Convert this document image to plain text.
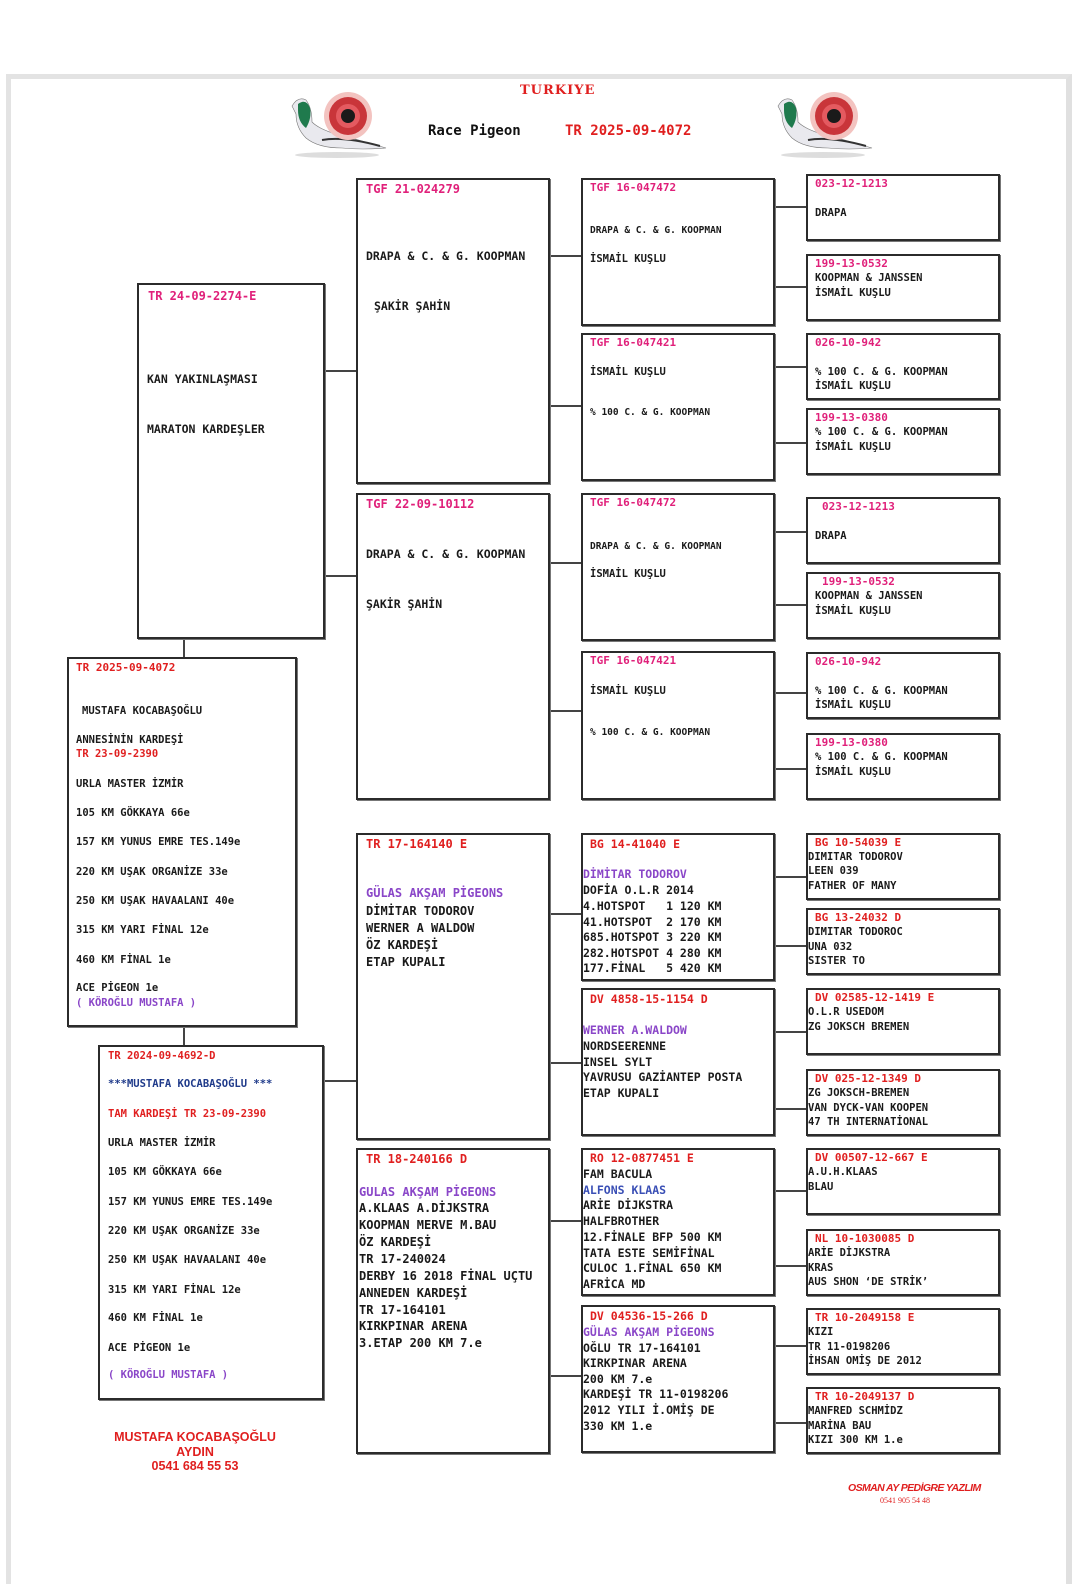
TURKIYE
Race Pigeon	TR 2025-09-4072
TR 24-09-2274-E
KAN YAKINLAŞMASI
MARATON KARDEŞLER
TR 2025-09-4072
MUSTAFA KOCABAŞOĞLU
ANNESİNİN KARDEŞİ
TR 23-09-2390
URLA MASTER İZMİR
105 KM GÖKKAYA 66e
157 KM YUNUS EMRE TES.149e
220 KM UŞAK ORGANİZE 33e
250 KM UŞAK HAVAALANI 40e
315 KM YARI FİNAL 12e
460 KM FİNAL 1e
ACE PİGEON 1e
( KÖROĞLU MUSTAFA )
TR 2024-09-4692-D
***MUSTAFA KOCABAŞOĞLU ***
TAM KARDEŞİ TR 23-09-2390
URLA MASTER İZMİR
105 KM GÖKKAYA 66e
157 KM YUNUS EMRE TES.149e
220 KM UŞAK ORGANİZE 33e
250 KM UŞAK HAVAALANI 40e
315 KM YARI FİNAL 12e
460 KM FİNAL 1e
ACE PİGEON 1e
( KÖROĞLU MUSTAFA )
TGF 21-024279
DRAPA & C. & G. KOOPMAN
ŞAKİR ŞAHİN
TGF 22-09-10112
DRAPA & C. & G. KOOPMAN
ŞAKİR ŞAHİN
TR 17-164140 E
GÜLAS AKŞAM PİGEONS
DİMİTAR TODOROV
WERNER A WALDOW
ÖZ KARDEŞİ
ETAP KUPALI
TR 18-240166 D
GULAS AKŞAM PİGEONS
A.KLAAS A.DİJKSTRA
KOOPMAN MERVE M.BAU
ÖZ KARDEŞİ
TR 17-240024
DERBY 16 2018 FİNAL UÇTU
ANNEDEN KARDEŞİ
TR 17-164101
KIRKPINAR ARENA
3.ETAP 200 KM 7.e
TGF 16-047472
DRAPA & C. & G. KOOPMAN
İSMAİL KUŞLU
TGF 16-047421
İSMAİL KUŞLU
% 100 C. & G. KOOPMAN
TGF 16-047472
DRAPA & C. & G. KOOPMAN
İSMAİL KUŞLU
TGF 16-047421
İSMAİL KUŞLU
% 100 C. & G. KOOPMAN
BG 14-41040 E
DİMİTAR TODOROV
DOFİA O.L.R 2014
4.HOTSPOT   1 120 KM
41.HOTSPOT  2 170 KM
685.HOTSPOT 3 220 KM
282.HOTSPOT 4 280 KM
177.FİNAL   5 420 KM
DV 4858-15-1154 D
WERNER A.WALDOW
NORDSEERENNE
INSEL SYLT
YAVRUSU GAZİANTEP POSTA
ETAP KUPALI
RO 12-0877451 E
FAM BACULA
ALFONS KLAAS
ARİE DİJKSTRA
HALFBROTHER
12.FİNALE BFP 500 KM
TATA ESTE SEMİFİNAL
CULOC 1.FİNAL 650 KM
AFRİCA MD
DV 04536-15-266 D
GÜLAS AKŞAM PİGEONS
OĞLU TR 17-164101
KIRKPINAR ARENA
200 KM 7.e
KARDEŞİ TR 11-0198206
2012 YILI İ.OMİŞ DE
330 KM 1.e
023-12-1213
DRAPA
199-13-0532
KOOPMAN & JANSSEN
İSMAİL KUŞLU
026-10-942
% 100 C. & G. KOOPMAN
İSMAİL KUŞLU
199-13-0380
% 100 C. & G. KOOPMAN
İSMAİL KUŞLU
023-12-1213
DRAPA
199-13-0532
KOOPMAN & JANSSEN
İSMAİL KUŞLU
026-10-942
% 100 C. & G. KOOPMAN
İSMAİL KUŞLU
199-13-0380
% 100 C. & G. KOOPMAN
İSMAİL KUŞLU
BG 10-54039 E
DIMITAR TODOROV
LEEN 039
FATHER OF MANY
BG 13-24032 D
DIMITAR TODOROC
UNA 032
SISTER TO
DV 02585-12-1419 E
O.L.R USEDOM
ZG JOKSCH BREMEN
DV 025-12-1349 D
ZG JOKSCH-BREMEN
VAN DYCK-VAN KOOPEN
47 TH INTERNATİONAL
DV 00507-12-667 E
A.U.H.KLAAS
BLAU
NL 10-1030085 D
ARİE DİJKSTRA
KRAS
AUS SHON ‘DE STRİK’
TR 10-2049158 E
KIZI
TR 11-0198206
İHSAN OMİŞ DE 2012
TR 10-2049137 D
MANFRED SCHMİDZ
MARİNA BAU
KIZI 300 KM 1.e
MUSTAFA KOCABAŞOĞLU
AYDIN
0541 684 55 53
OSMAN AY PEDİGRE YAZLIM
0541 905 54 48
